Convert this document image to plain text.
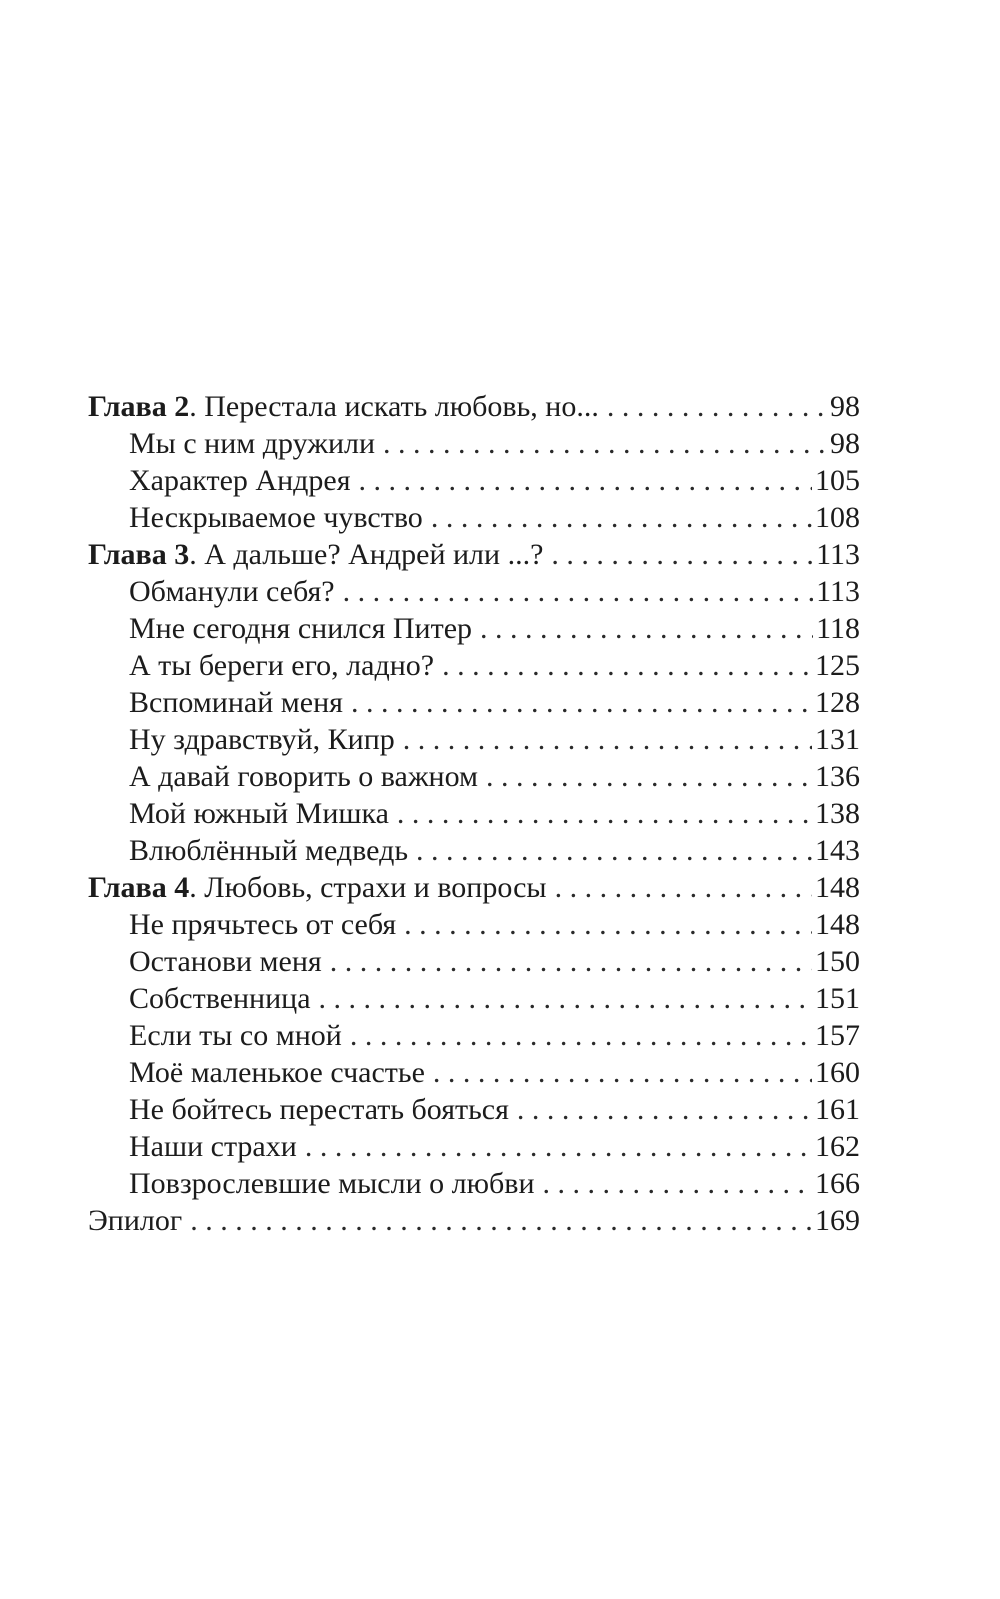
Глава 2. Перестала искать любовь, но... . . .	98
Мы с ним дружили . . .	98
Характер Андрея . . .	105
Нескрываемое чувство . . .	108
Глава 3. А дальше? Андрей или ...? . . .	113
Обманули себя? . . .	113
Мне сегодня снился Питер . . .	118
А ты береги его, ладно? . . .	125
Вспоминай меня . . .	128
Ну здравствуй, Кипр . . .	131
А давай говорить о важном . . .	136
Мой южный Мишка . . .	138
Влюблённый медведь . . .	143
Глава 4. Любовь, страхи и вопросы . . .	148
Не прячьтесь от себя . . .	148
Останови меня . . .	150
Собственница . . .	151
Если ты со мной . . .	157
Моё маленькое счастье . . .	160
Не бойтесь перестать бояться . . .	161
Наши страхи . . .	162
Повзрослевшие мысли о любви . . .	166
Эпилог . . .	169
